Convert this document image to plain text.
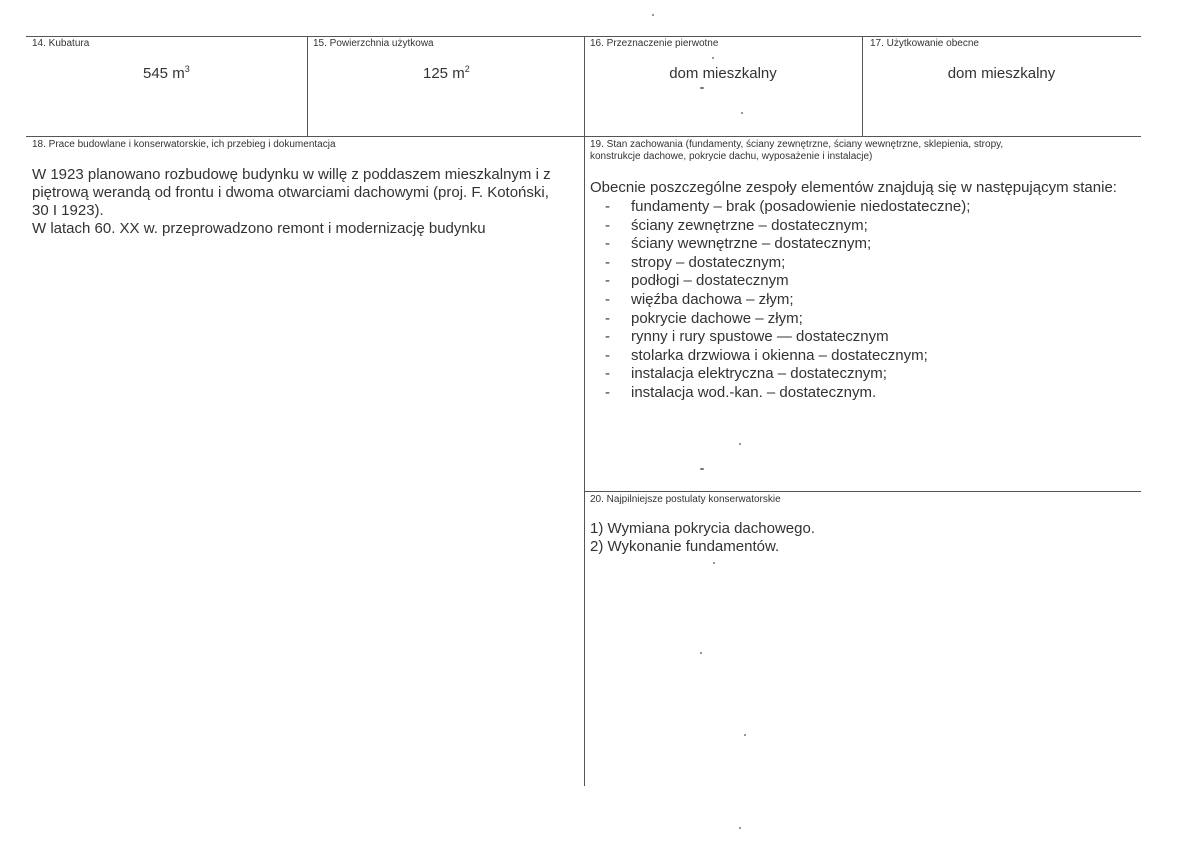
14. Kubatura
545 $m^3$
15. Powierzchnia użytkowa
125 $m^2$
16. Przeznaczenie pierwotne
dom mieszkalny
17. Użytkowanie obecne
dom mieszkalny
18. Prace budowlane i konserwatorskie, ich przebieg i dokumentacja
W 1923 planowano rozbudowę budynku w willę z poddaszem mieszkalnym i z
piętrową werandą od frontu i dwoma otwarciami dachowymi (proj. F. Kotoński,
30 I 1923).
W latach 60. XX w. przeprowadzono remont i modernizację budynku
19. Stan zachowania (fundamenty, ściany zewnętrzne, ściany wewnętrzne, sklepienia, stropy,
konstrukcje dachowe, pokrycie dachu, wyposażenie i instalacje)
Obecnie poszczególne zespoły elementów znajdują się w następującym stanie:
- fundamenty – brak (posadowienie niedostateczne);
- ściany zewnętrzne – dostatecznym;
- ściany wewnętrzne – dostatecznym;
- stropy – dostatecznym;
- podłogi – dostatecznym
- więźba dachowa – złym;
- pokrycie dachowe – złym;
- rynny i rury spustowe — dostatecznym
- stolarka drzwiowa i okienna – dostatecznym;
- instalacja elektryczna – dostatecznym;
- instalacja wod.-kan. – dostatecznym.
20. Najpilniejsze postulaty konserwatorskie
1) Wymiana pokrycia dachowego.
2) Wykonanie fundamentów.
